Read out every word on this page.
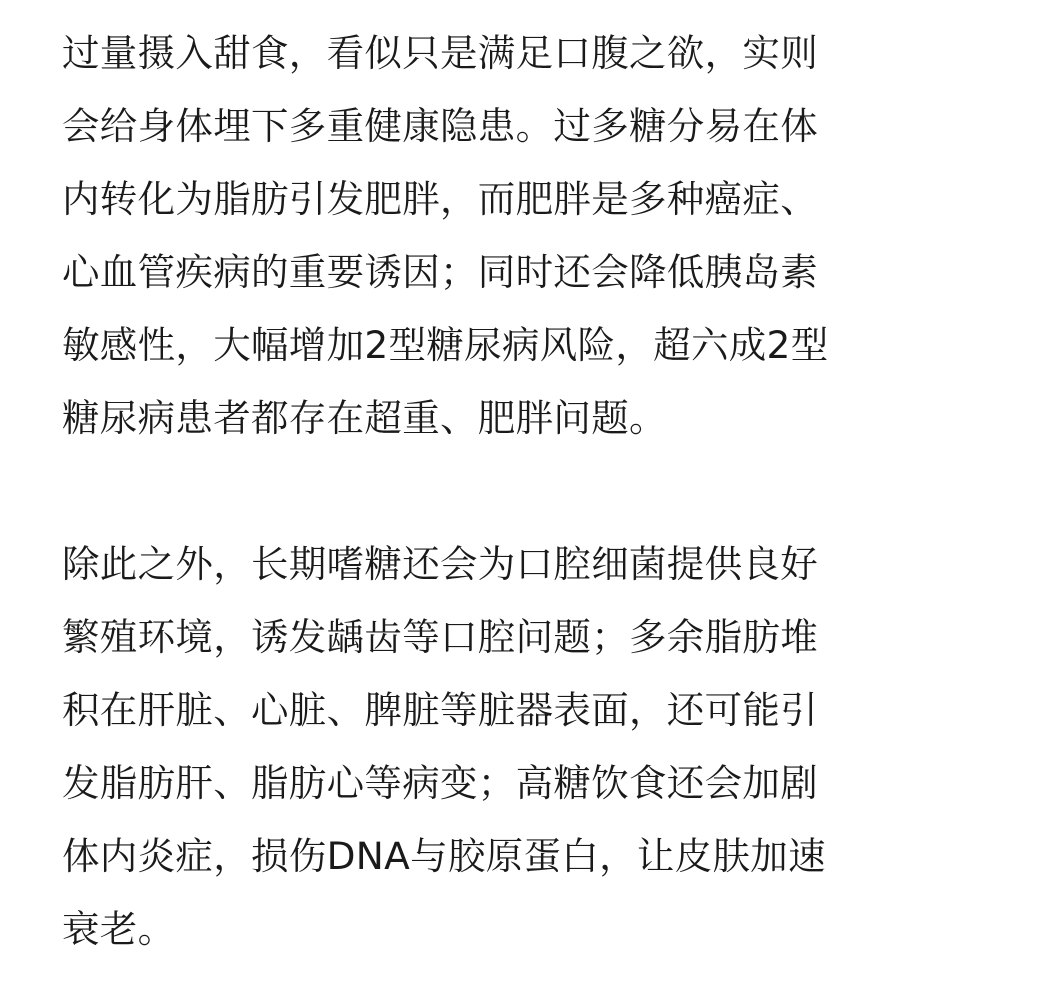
过量摄入甜食，看似只是满足口腹之欲，实则
会给身体埋下多重健康隐患。过多糖分易在体
内转化为脂肪引发肥胖，而肥胖是多种癌症、
心血管疾病的重要诱因；同时还会降低胰岛素
敏感性，大幅增加2型糖尿病风险，超六成2型
糖尿病患者都存在超重、肥胖问题。

除此之外，长期嗜糖还会为口腔细菌提供良好
繁殖环境，诱发龋齿等口腔问题；多余脂肪堆
积在肝脏、心脏、脾脏等脏器表面，还可能引
发脂肪肝、脂肪心等病变；高糖饮食还会加剧
体内炎症，损伤DNA与胶原蛋白，让皮肤加速
衰老。
